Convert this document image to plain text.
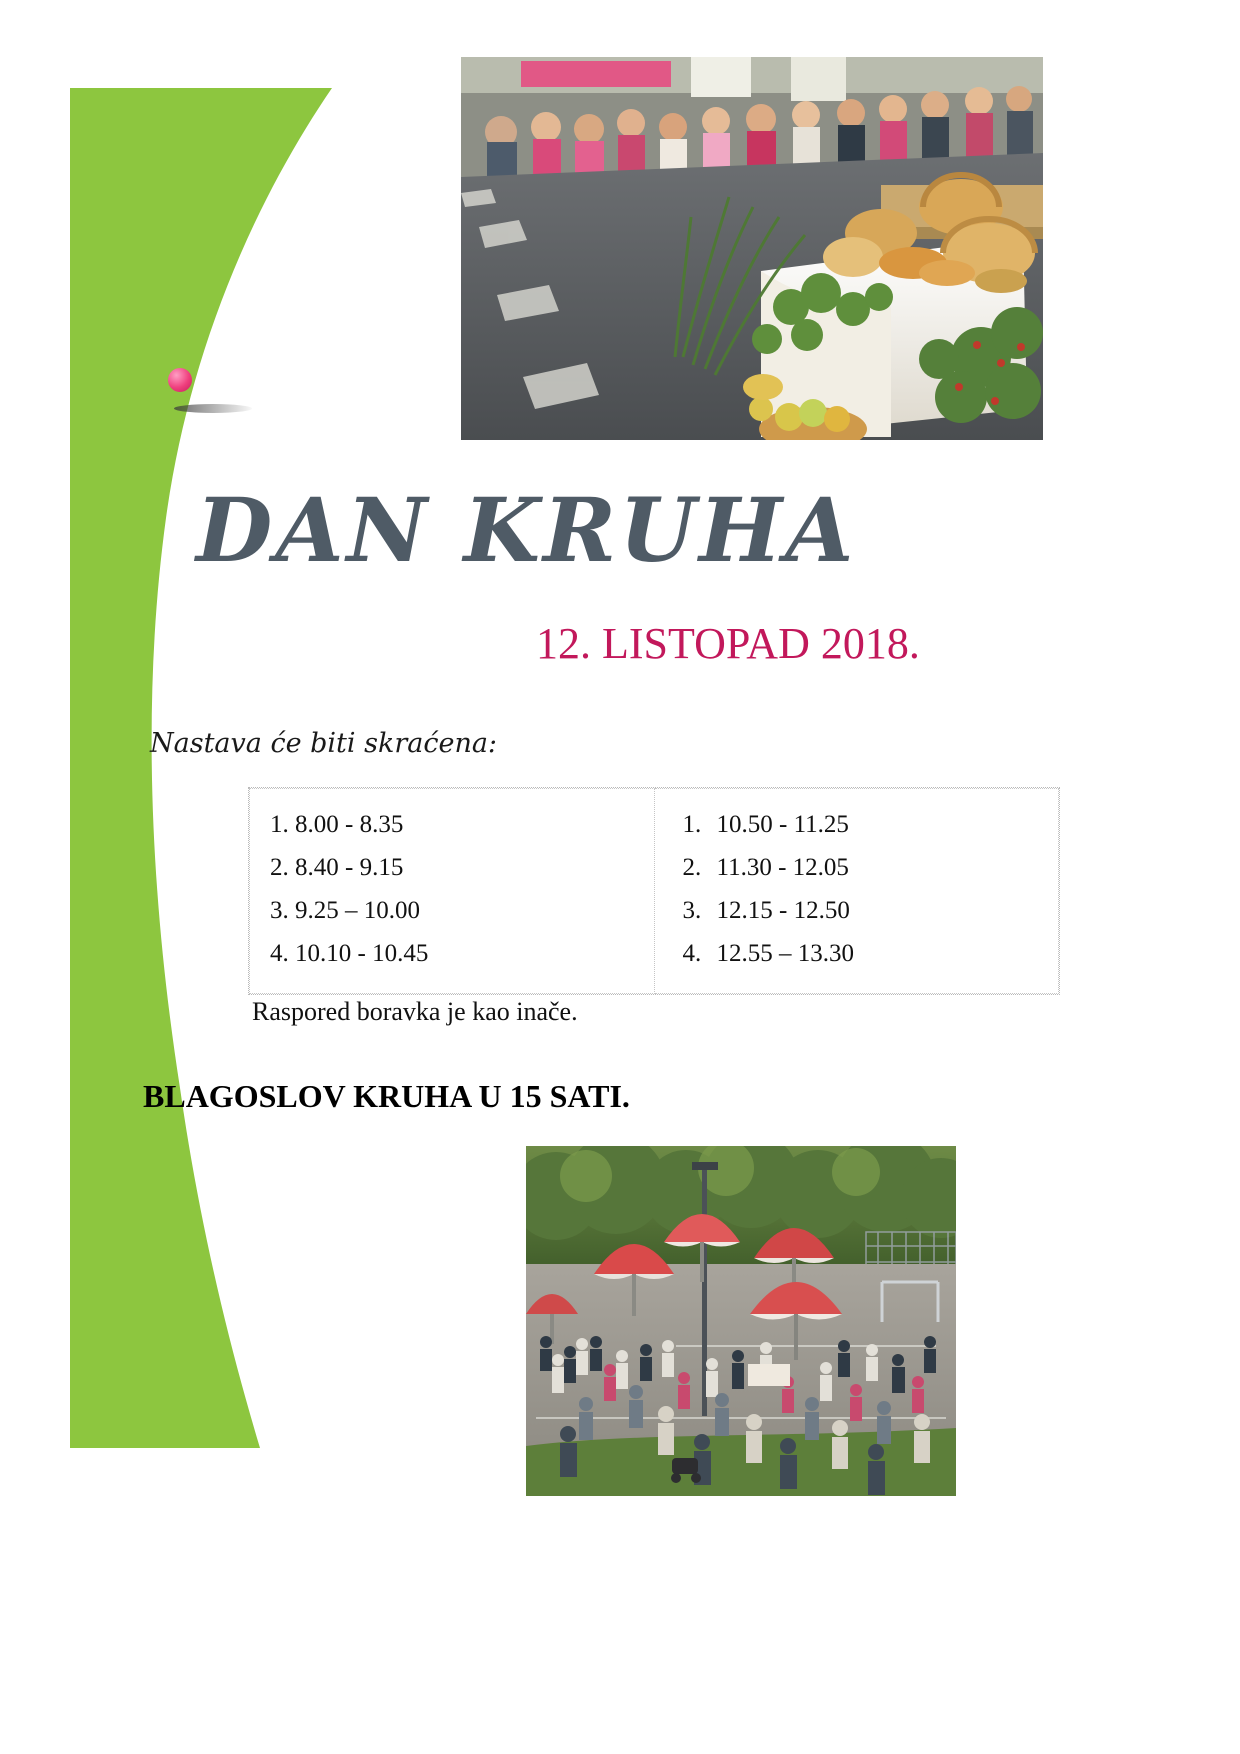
DAN KRUHA
12. LISTOPAD 2018.
Nastava će biti skraćena:
1. 8.00 - 8.35
2. 8.40 - 9.15
3. 9.25 – 10.00
4. 10.10 - 10.45

1. 10.50 - 11.25
2. 11.30 - 12.05
3. 12.15 - 12.50
4. 12.55 – 13.30
Raspored boravka je kao inače.
BLAGOSLOV KRUHA U 15 SATI.
